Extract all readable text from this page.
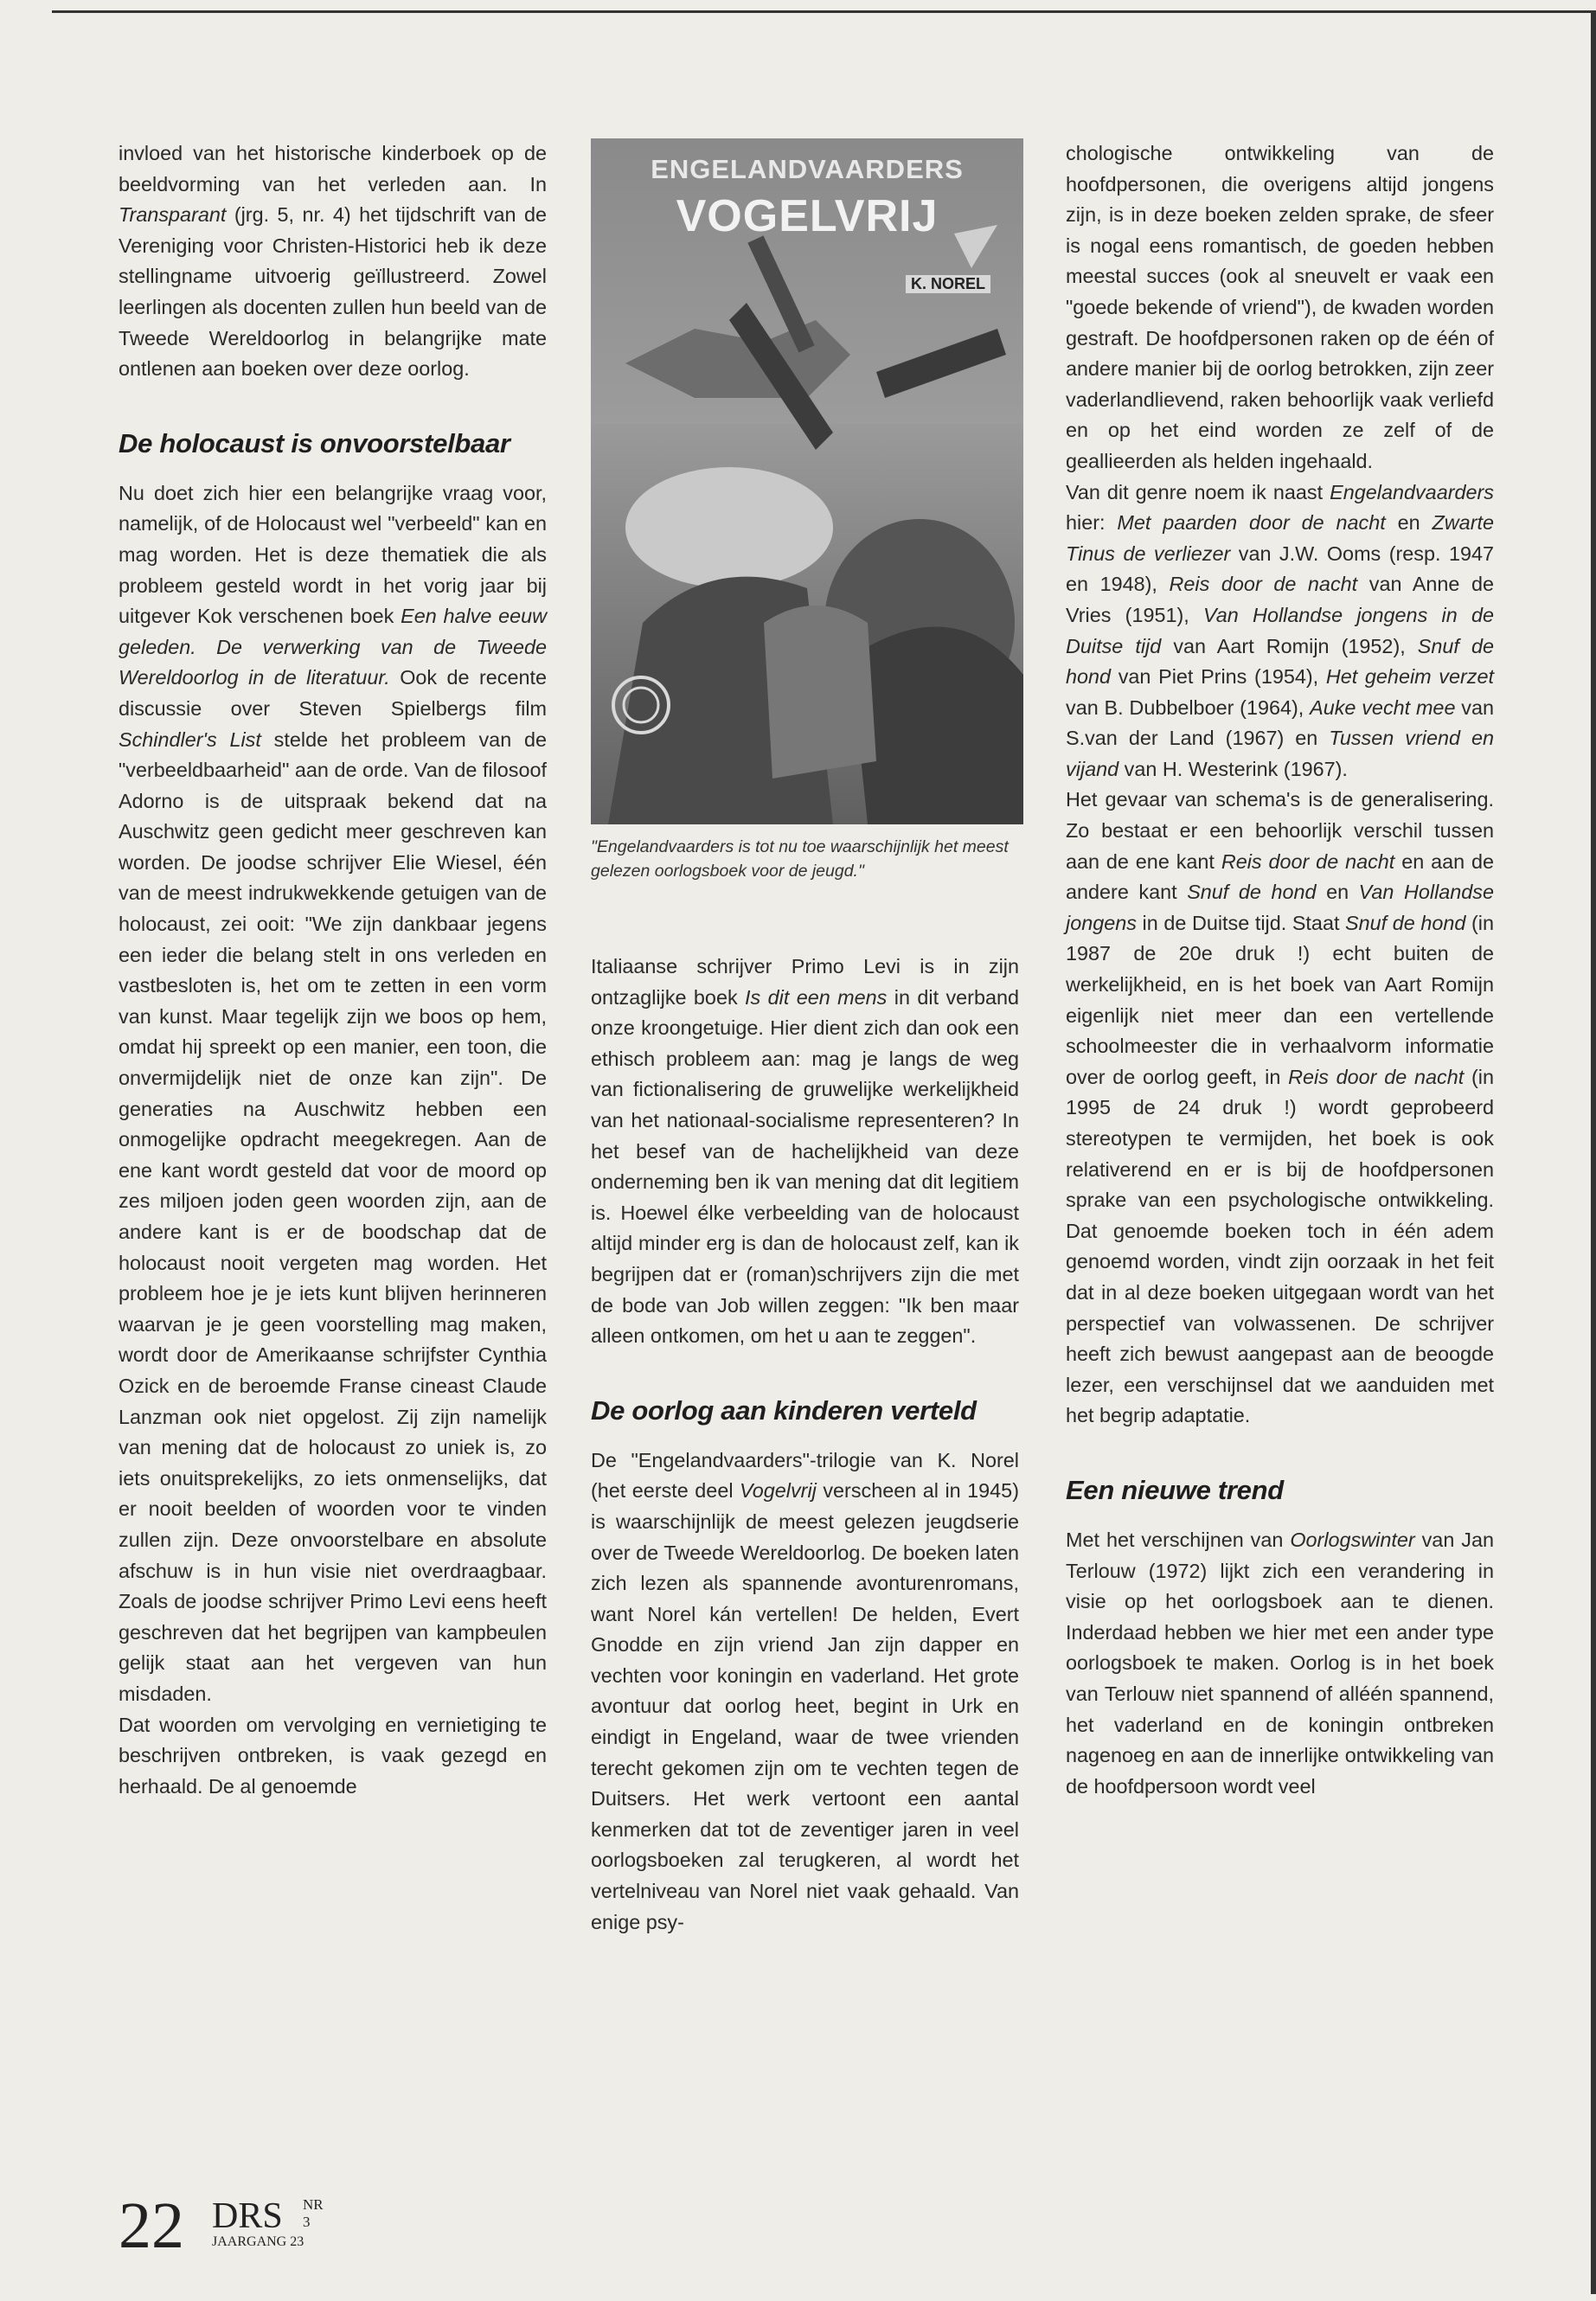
invloed van het historische kinderboek op de beeldvorming van het verleden aan. In Transparant (jrg. 5, nr. 4) het tijdschrift van de Vereniging voor Christen-Historici heb ik deze stellingname uitvoerig geïllustreerd. Zowel leerlingen als docenten zullen hun beeld van de Tweede Wereldoorlog in belangrijke mate ontlenen aan boeken over deze oorlog.

De holocaust is onvoorstelbaar

Nu doet zich hier een belangrijke vraag voor, namelijk, of de Holocaust wel "verbeeld" kan en mag worden. Het is deze thematiek die als probleem gesteld wordt in het vorig jaar bij uitgever Kok verschenen boek Een halve eeuw geleden. De verwerking van de Tweede Wereldoorlog in de literatuur. Ook de recente discussie over Steven Spielbergs film Schindler's List stelde het probleem van de "verbeeldbaarheid" aan de orde. Van de filosoof Adorno is de uitspraak bekend dat na Auschwitz geen gedicht meer geschreven kan worden. De joodse schrijver Elie Wiesel, één van de meest indrukwekkende getuigen van de holocaust, zei ooit: "We zijn dankbaar jegens een ieder die belang stelt in ons verleden en vastbesloten is, het om te zetten in een vorm van kunst. Maar tegelijk zijn we boos op hem, omdat hij spreekt op een manier, een toon, die onvermijdelijk niet de onze kan zijn". De generaties na Auschwitz hebben een onmogelijke opdracht meegekregen. Aan de ene kant wordt gesteld dat voor de moord op zes miljoen joden geen woorden zijn, aan de andere kant is er de boodschap dat de holocaust nooit vergeten mag worden. Het probleem hoe je je iets kunt blijven herinneren waarvan je je geen voorstelling mag maken, wordt door de Amerikaanse schrijfster Cynthia Ozick en de beroemde Franse cineast Claude Lanzman ook niet opgelost. Zij zijn namelijk van mening dat de holocaust zo uniek is, zo iets onuitsprekelijks, zo iets onmenselijks, dat er nooit beelden of woorden voor te vinden zullen zijn. Deze onvoorstelbare en absolute afschuw is in hun visie niet overdraagbaar. Zoals de joodse schrijver Primo Levi eens heeft geschreven dat het begrijpen van kampbeulen gelijk staat aan het vergeven van hun misdaden.

Dat woorden om vervolging en vernietiging te beschrijven ontbreken, is vaak gezegd en herhaald. De al genoemde

ENGELANDVAARDERS
VOGELVRIJ
K. NOREL
"Engelandvaarders is tot nu toe waarschijnlijk het meest gelezen oorlogsboek voor de jeugd."

Italiaanse schrijver Primo Levi is in zijn ontzaglijke boek Is dit een mens in dit verband onze kroongetuige. Hier dient zich dan ook een ethisch probleem aan: mag je langs de weg van fictionalisering de gruwelijke werkelijkheid van het nationaal-socialisme representeren? In het besef van de hachelijkheid van deze onderneming ben ik van mening dat dit legitiem is. Hoewel élke verbeelding van de holocaust altijd minder erg is dan de holocaust zelf, kan ik begrijpen dat er (roman)schrijvers zijn die met de bode van Job willen zeggen: "Ik ben maar alleen ontkomen, om het u aan te zeggen".

De oorlog aan kinderen verteld

De "Engelandvaarders"-trilogie van K. Norel (het eerste deel Vogelvrij verscheen al in 1945) is waarschijnlijk de meest gelezen jeugdserie over de Tweede Wereldoorlog. De boeken laten zich lezen als spannende avonturenromans, want Norel kán vertellen! De helden, Evert Gnodde en zijn vriend Jan zijn dapper en vechten voor koningin en vaderland. Het grote avontuur dat oorlog heet, begint in Urk en eindigt in Engeland, waar de twee vrienden terecht gekomen zijn om te vechten tegen de Duitsers. Het werk vertoont een aantal kenmerken dat tot de zeventiger jaren in veel oorlogsboeken zal terugkeren, al wordt het vertelniveau van Norel niet vaak gehaald. Van enige psy-

chologische ontwikkeling van de hoofdpersonen, die overigens altijd jongens zijn, is in deze boeken zelden sprake, de sfeer is nogal eens romantisch, de goeden hebben meestal succes (ook al sneuvelt er vaak een "goede bekende of vriend"), de kwaden worden gestraft. De hoofdpersonen raken op de één of andere manier bij de oorlog betrokken, zijn zeer vaderlandlievend, raken behoorlijk vaak verliefd en op het eind worden ze zelf of de geallieerden als helden ingehaald.

Van dit genre noem ik naast Engelandvaarders hier: Met paarden door de nacht en Zwarte Tinus de verliezer van J.W. Ooms (resp. 1947 en 1948), Reis door de nacht van Anne de Vries (1951), Van Hollandse jongens in de Duitse tijd van Aart Romijn (1952), Snuf de hond van Piet Prins (1954), Het geheim verzet van B. Dubbelboer (1964), Auke vecht mee van S.van der Land (1967) en Tussen vriend en vijand van H. Westerink (1967).

Het gevaar van schema's is de generalisering. Zo bestaat er een behoorlijk verschil tussen aan de ene kant Reis door de nacht en aan de andere kant Snuf de hond en Van Hollandse jongens in de Duitse tijd. Staat Snuf de hond (in 1987 de 20e druk !) echt buiten de werkelijkheid, en is het boek van Aart Romijn eigenlijk niet meer dan een vertellende schoolmeester die in verhaalvorm informatie over de oorlog geeft, in Reis door de nacht (in 1995 de 24 druk !) wordt geprobeerd stereotypen te vermijden, het boek is ook relativerend en er is bij de hoofdpersonen sprake van een psychologische ontwikkeling. Dat genoemde boeken toch in één adem genoemd worden, vindt zijn oorzaak in het feit dat in al deze boeken uitgegaan wordt van het perspectief van volwassenen. De schrijver heeft zich bewust aangepast aan de beoogde lezer, een verschijnsel dat we aanduiden met het begrip adaptatie.

Een nieuwe trend

Met het verschijnen van Oorlogswinter van Jan Terlouw (1972) lijkt zich een verandering in visie op het oorlogsboek aan te dienen. Inderdaad hebben we hier met een ander type oorlogsboek te maken. Oorlog is in het boek van Terlouw niet spannend of alléén spannend, het vaderland en de koningin ontbreken nagenoeg en aan de innerlijke ontwikkeling van de hoofdpersoon wordt veel

22 DRS NR 3
JAARGANG 23
